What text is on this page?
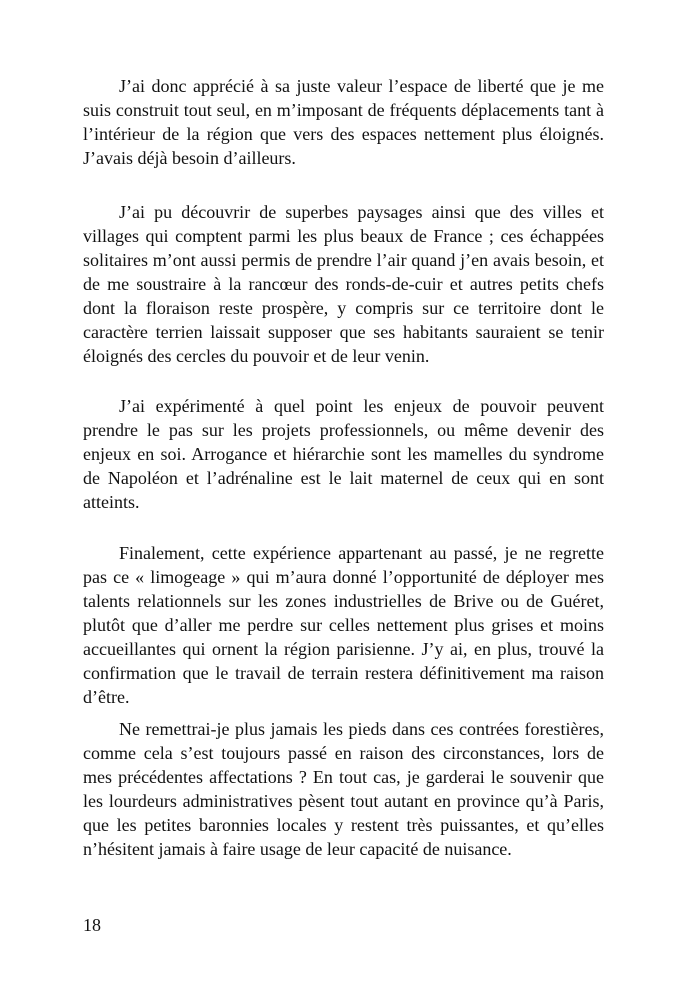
J’ai donc apprécié à sa juste valeur l’espace de liberté que je me suis construit tout seul, en m’imposant de fréquents déplacements tant à l’intérieur de la région que vers des espaces nettement plus éloignés. J’avais déjà besoin d’ailleurs.

J’ai pu découvrir de superbes paysages ainsi que des villes et villages qui comptent parmi les plus beaux de France ; ces échappées solitaires m’ont aussi permis de prendre l’air quand j’en avais besoin, et de me soustraire à la rancœur des ronds-de-cuir et autres petits chefs dont la floraison reste prospère, y compris sur ce territoire dont le caractère terrien laissait supposer que ses habitants sauraient se tenir éloignés des cercles du pouvoir et de leur venin.

J’ai expérimenté à quel point les enjeux de pouvoir peuvent prendre le pas sur les projets professionnels, ou même devenir des enjeux en soi. Arrogance et hiérarchie sont les mamelles du syndrome de Napoléon et l’adrénaline est le lait maternel de ceux qui en sont atteints.

Finalement, cette expérience appartenant au passé, je ne regrette pas ce « limogeage » qui m’aura donné l’opportunité de déployer mes talents relationnels sur les zones industrielles de Brive ou de Guéret, plutôt que d’aller me perdre sur celles nettement plus grises et moins accueillantes qui ornent la région parisienne. J’y ai, en plus, trouvé la confirmation que le travail de terrain restera définitivement ma raison d’être.

Ne remettrai-je plus jamais les pieds dans ces contrées forestières, comme cela s’est toujours passé en raison des circonstances, lors de mes précédentes affectations ? En tout cas, je garderai le souvenir que les lourdeurs administratives pèsent tout autant en province qu’à Paris, que les petites baronnies locales y restent très puissantes, et qu’elles n’hésitent jamais à faire usage de leur capacité de nuisance.

18
